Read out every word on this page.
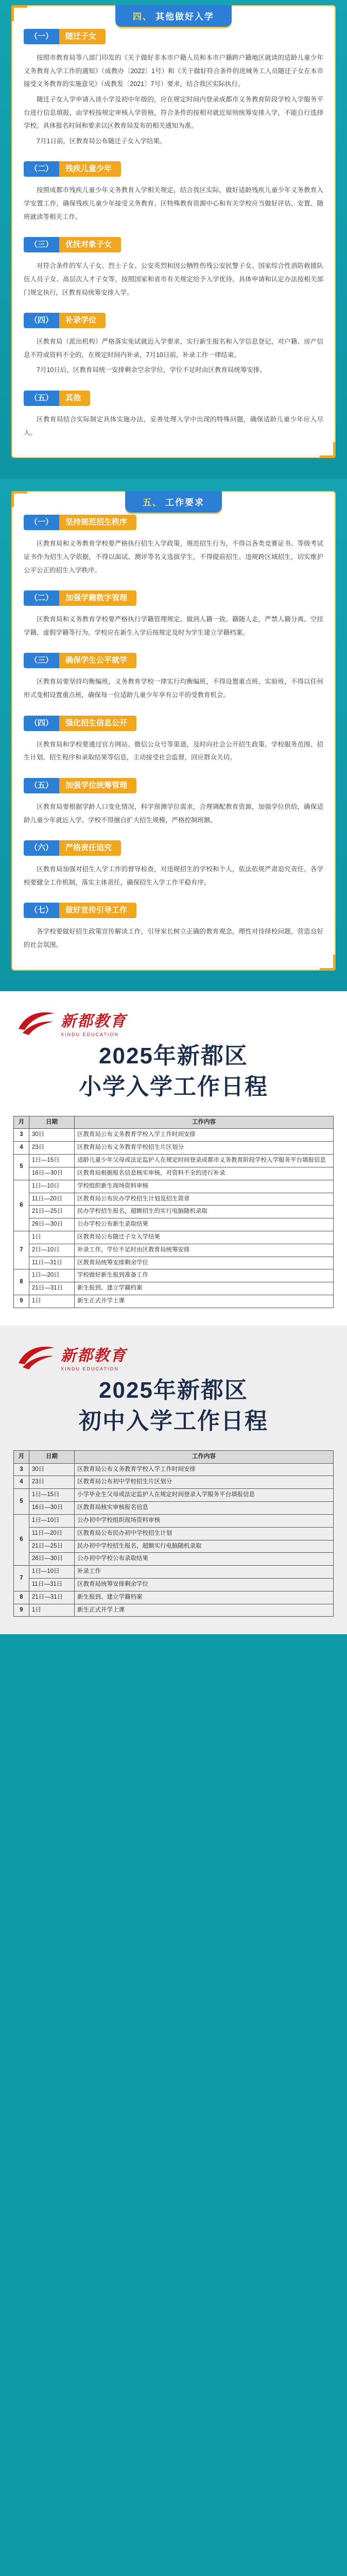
四、 其他做好入学
（一）	随迁子女

按照市教育局等八部门印发的《关于做好非本市户籍人员和本市户籍跨户籍地区就读的适龄儿童少年义务教育入学工作的通知》（成教办〔2022〕1号）和《关于做好符合条件的进城务工人员随迁子女在本市接受义务教育的实施意见》（成教发〔2021〕7号）要求，结合我区实际执行。

随迁子女入学申请入读小学及初中年级的，应在规定时间内登录成都市义务教育阶段学校入学服务平台进行信息填报，由学校按规定审核入学资格，符合条件的按相对就近原则统筹安排入学，不能自行选择学校。具体报名时间和要求以区教育局发布的相关通知为准。

7月1日前，区教育局公布随迁子女入学结果。

（二）	残疾儿童少年

按照成都市残疾儿童少年义务教育入学相关规定，结合我区实际，做好适龄残疾儿童少年义务教育入学安置工作，确保残疾儿童少年接受义务教育。区特殊教育资源中心和有关学校应当做好评估、安置、随班就读等相关工作。

（三）	优抚对象子女

对符合条件的军人子女、烈士子女、公安英烈和因公牺牲伤残公安民警子女、国家综合性消防救援队伍人员子女、高层次人才子女等，按照国家和省市有关规定给予入学优待。具体申请和认定办法按相关部门规定执行，区教育局统筹安排入学。

（四）	补录学位

区教育局（派出机构）严格落实免试就近入学要求，实行新生报名和入学信息登记，对户籍、房产信息不符或资料不全的，在规定时间内补录，7月10日前，补录工作一律结束。

7月10日后，区教育局统一安排剩余空余学位，学位不足时由区教育局统筹安排。

（五）	其他

区教育局结合实际制定具体实施办法，妥善处理入学中出现的特殊问题，确保适龄儿童少年应入尽入。

五、 工作要求
（一）	坚持规范招生秩序

区教育局和义务教育学校要严格执行招生入学政策，规范招生行为，不得以各类竞赛证书、等级考试证书作为招生入学依据，不得以面试、测评等名义选拔学生，不得提前招生、违规跨区域招生，切实维护公平公正的招生入学秩序。

（二）	加强学籍数字管理

区教育局和义务教育学校要严格执行学籍管理规定，做到人籍一致、籍随人走，严禁人籍分离、空挂学籍、虚假学籍等行为。学校应在新生入学后按规定及时为学生建立学籍档案。

（三）	确保学生公平就学

区教育局要坚持均衡编班，义务教育学校一律实行均衡编班，不得设置重点班、实验班，不得以任何形式变相设置重点班，确保每一位适龄儿童少年享有公平的受教育机会。

（四）	强化招生信息公开

区教育局和学校要通过官方网站、微信公众号等渠道，及时向社会公开招生政策、学校服务范围、招生计划、招生程序和录取结果等信息，主动接受社会监督，回应群众关切。

（五）	加强学位统筹管理

区教育局要根据学龄人口变化情况，科学预测学位需求，合理调配教育资源，加强学位供给，确保适龄儿童少年就近入学。学校不得擅自扩大招生规模，严格控制班额。

（六）	严格责任追究

区教育局加强对招生入学工作的督导检查，对违规招生的学校和个人，依法依规严肃追究责任。各学校要健全工作机制，落实主体责任，确保招生入学工作平稳有序。

（七）	做好宣传引导工作

各学校要做好招生政策宣传解读工作，引导家长树立正确的教育观念，理性对待择校问题，营造良好的社会氛围。

新都教育
XINDU EDUCATION
2025年新都区
小学入学工作日程
月	日期	工作内容
3	30日	区教育局公布义务教育学校入学工作时间安排
4	23日	区教育局公布义务教育学校招生片区划分
5	1日—15日	适龄儿童少年父母或法定监护人在规定时间登录成都市义务教育阶段学校入学服务平台填报信息
	16日—30日	区教育局根据报名信息核实审核，对资料不全的进行补录
6	1日—10日	学校组织新生现场资料审核
	11日—20日	区教育局公布民办学校招生计划及招生简章
	21日—25日	民办学校招生报名，超额招生的实行电脑随机录取
	26日—30日	公办学校公布新生录取结果
7	1日	区教育局公布随迁子女入学结果
	2日—10日	补录工作，学位不足时由区教育局统筹安排
	11日—31日	区教育局统筹安排剩余学位
8	1日—20日	学校做好新生报到准备工作
	21日—31日	新生报到、建立学籍档案
9	1日	新生正式开学上课
新都教育
XINDU EDUCATION
2025年新都区
初中入学工作日程
月	日期	工作内容
3	30日	区教育局公布义务教育学校入学工作时间安排
4	23日	区教育局公布初中学校招生片区划分
5	1日—15日	小学毕业生父母或法定监护人在规定时间登录入学服务平台填报信息
	16日—30日	区教育局核实审核报名信息
6	1日—10日	公办初中学校组织现场资料审核
	11日—20日	区教育局公布民办初中学校招生计划
	21日—25日	民办初中学校招生报名，超额实行电脑随机录取
	26日—30日	公办初中学校公布录取结果
7	1日—10日	补录工作
	11日—31日	区教育局统筹安排剩余学位
8	21日—31日	新生报到、建立学籍档案
9	1日	新生正式开学上课
